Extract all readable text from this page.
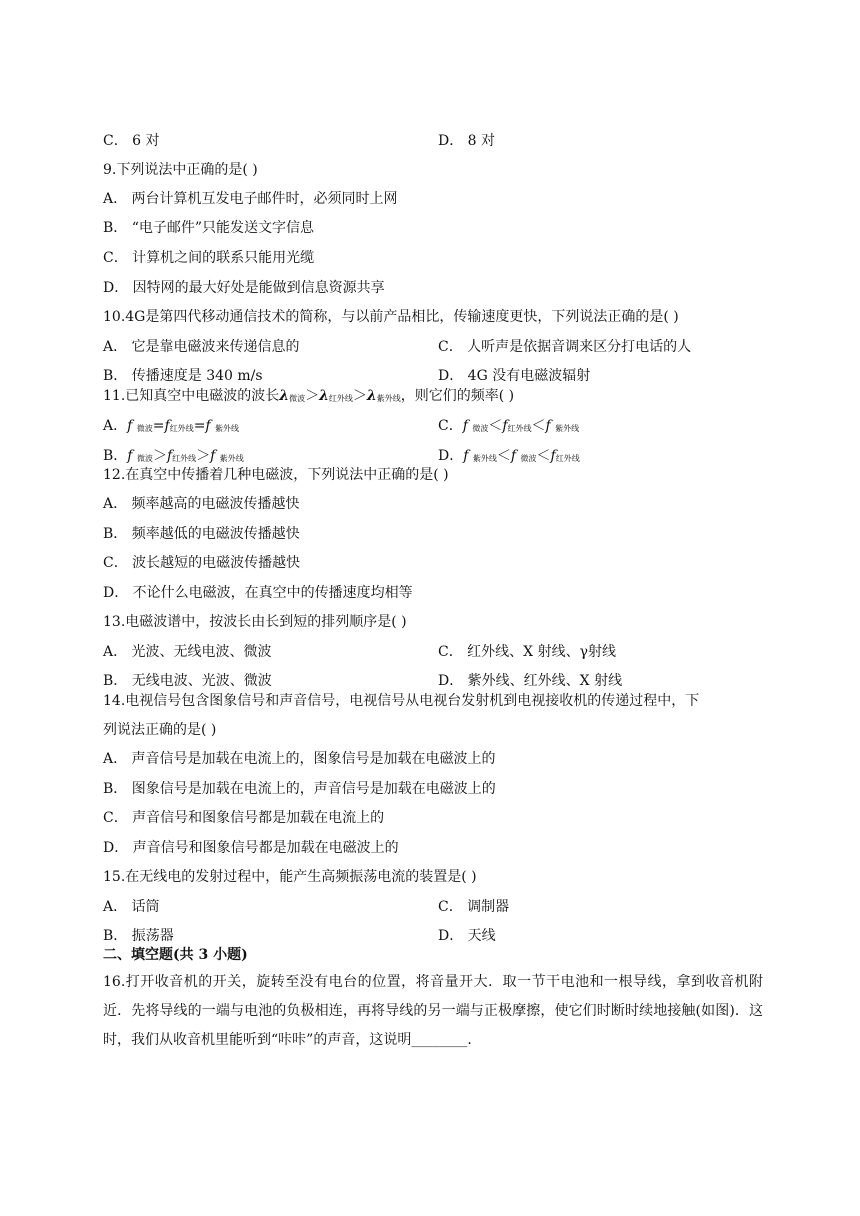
C． 6 对	D． 8 对
9.下列说法中正确的是( )
A． 两台计算机互发电子邮件时，必须同时上网
B． “电子邮件”只能发送文字信息
C． 计算机之间的联系只能用光缆
D． 因特网的最大好处是能做到信息资源共享
10.4G是第四代移动通信技术的简称，与以前产品相比，传输速度更快，下列说法正确的是( )
A． 它是靠电磁波来传递信息的	C． 人听声是依据音调来区分打电话的人
B． 传播速度是 340 m/s	D． 4G 没有电磁波辐射
11.已知真空中电磁波的波长λ微波＞λ红外线＞λ紫外线，则它们的频率( )
A．f 微波=f红外线=f 紫外线	C．f 微波＜f红外线＜f 紫外线
B．f 微波＞f红外线＞f 紫外线	D．f 紫外线＜f 微波＜f红外线
12.在真空中传播着几种电磁波，下列说法中正确的是( )
A． 频率越高的电磁波传播越快
B． 频率越低的电磁波传播越快
C． 波长越短的电磁波传播越快
D． 不论什么电磁波，在真空中的传播速度均相等
13.电磁波谱中，按波长由长到短的排列顺序是( )
A． 光波、无线电波、微波	C． 红外线、X 射线、γ射线
B． 无线电波、光波、微波	D． 紫外线、红外线、X 射线
14.电视信号包含图象信号和声音信号，电视信号从电视台发射机到电视接收机的传递过程中，下
列说法正确的是( )
A． 声音信号是加载在电流上的，图象信号是加载在电磁波上的
B． 图象信号是加载在电流上的，声音信号是加载在电磁波上的
C． 声音信号和图象信号都是加载在电流上的
D． 声音信号和图象信号都是加载在电磁波上的
15.在无线电的发射过程中，能产生高频振荡电流的装置是( )
A． 话筒	C． 调制器
B． 振荡器	D． 天线
二、填空题(共 3 小题)
16.打开收音机的开关，旋转至没有电台的位置，将音量开大．取一节干电池和一根导线，拿到收音机附近．先将导线的一端与电池的负极相连，再将导线的另一端与正极摩擦，使它们时断时续地接触(如图)．这时，我们从收音机里能听到“咔咔”的声音，这说明________．
